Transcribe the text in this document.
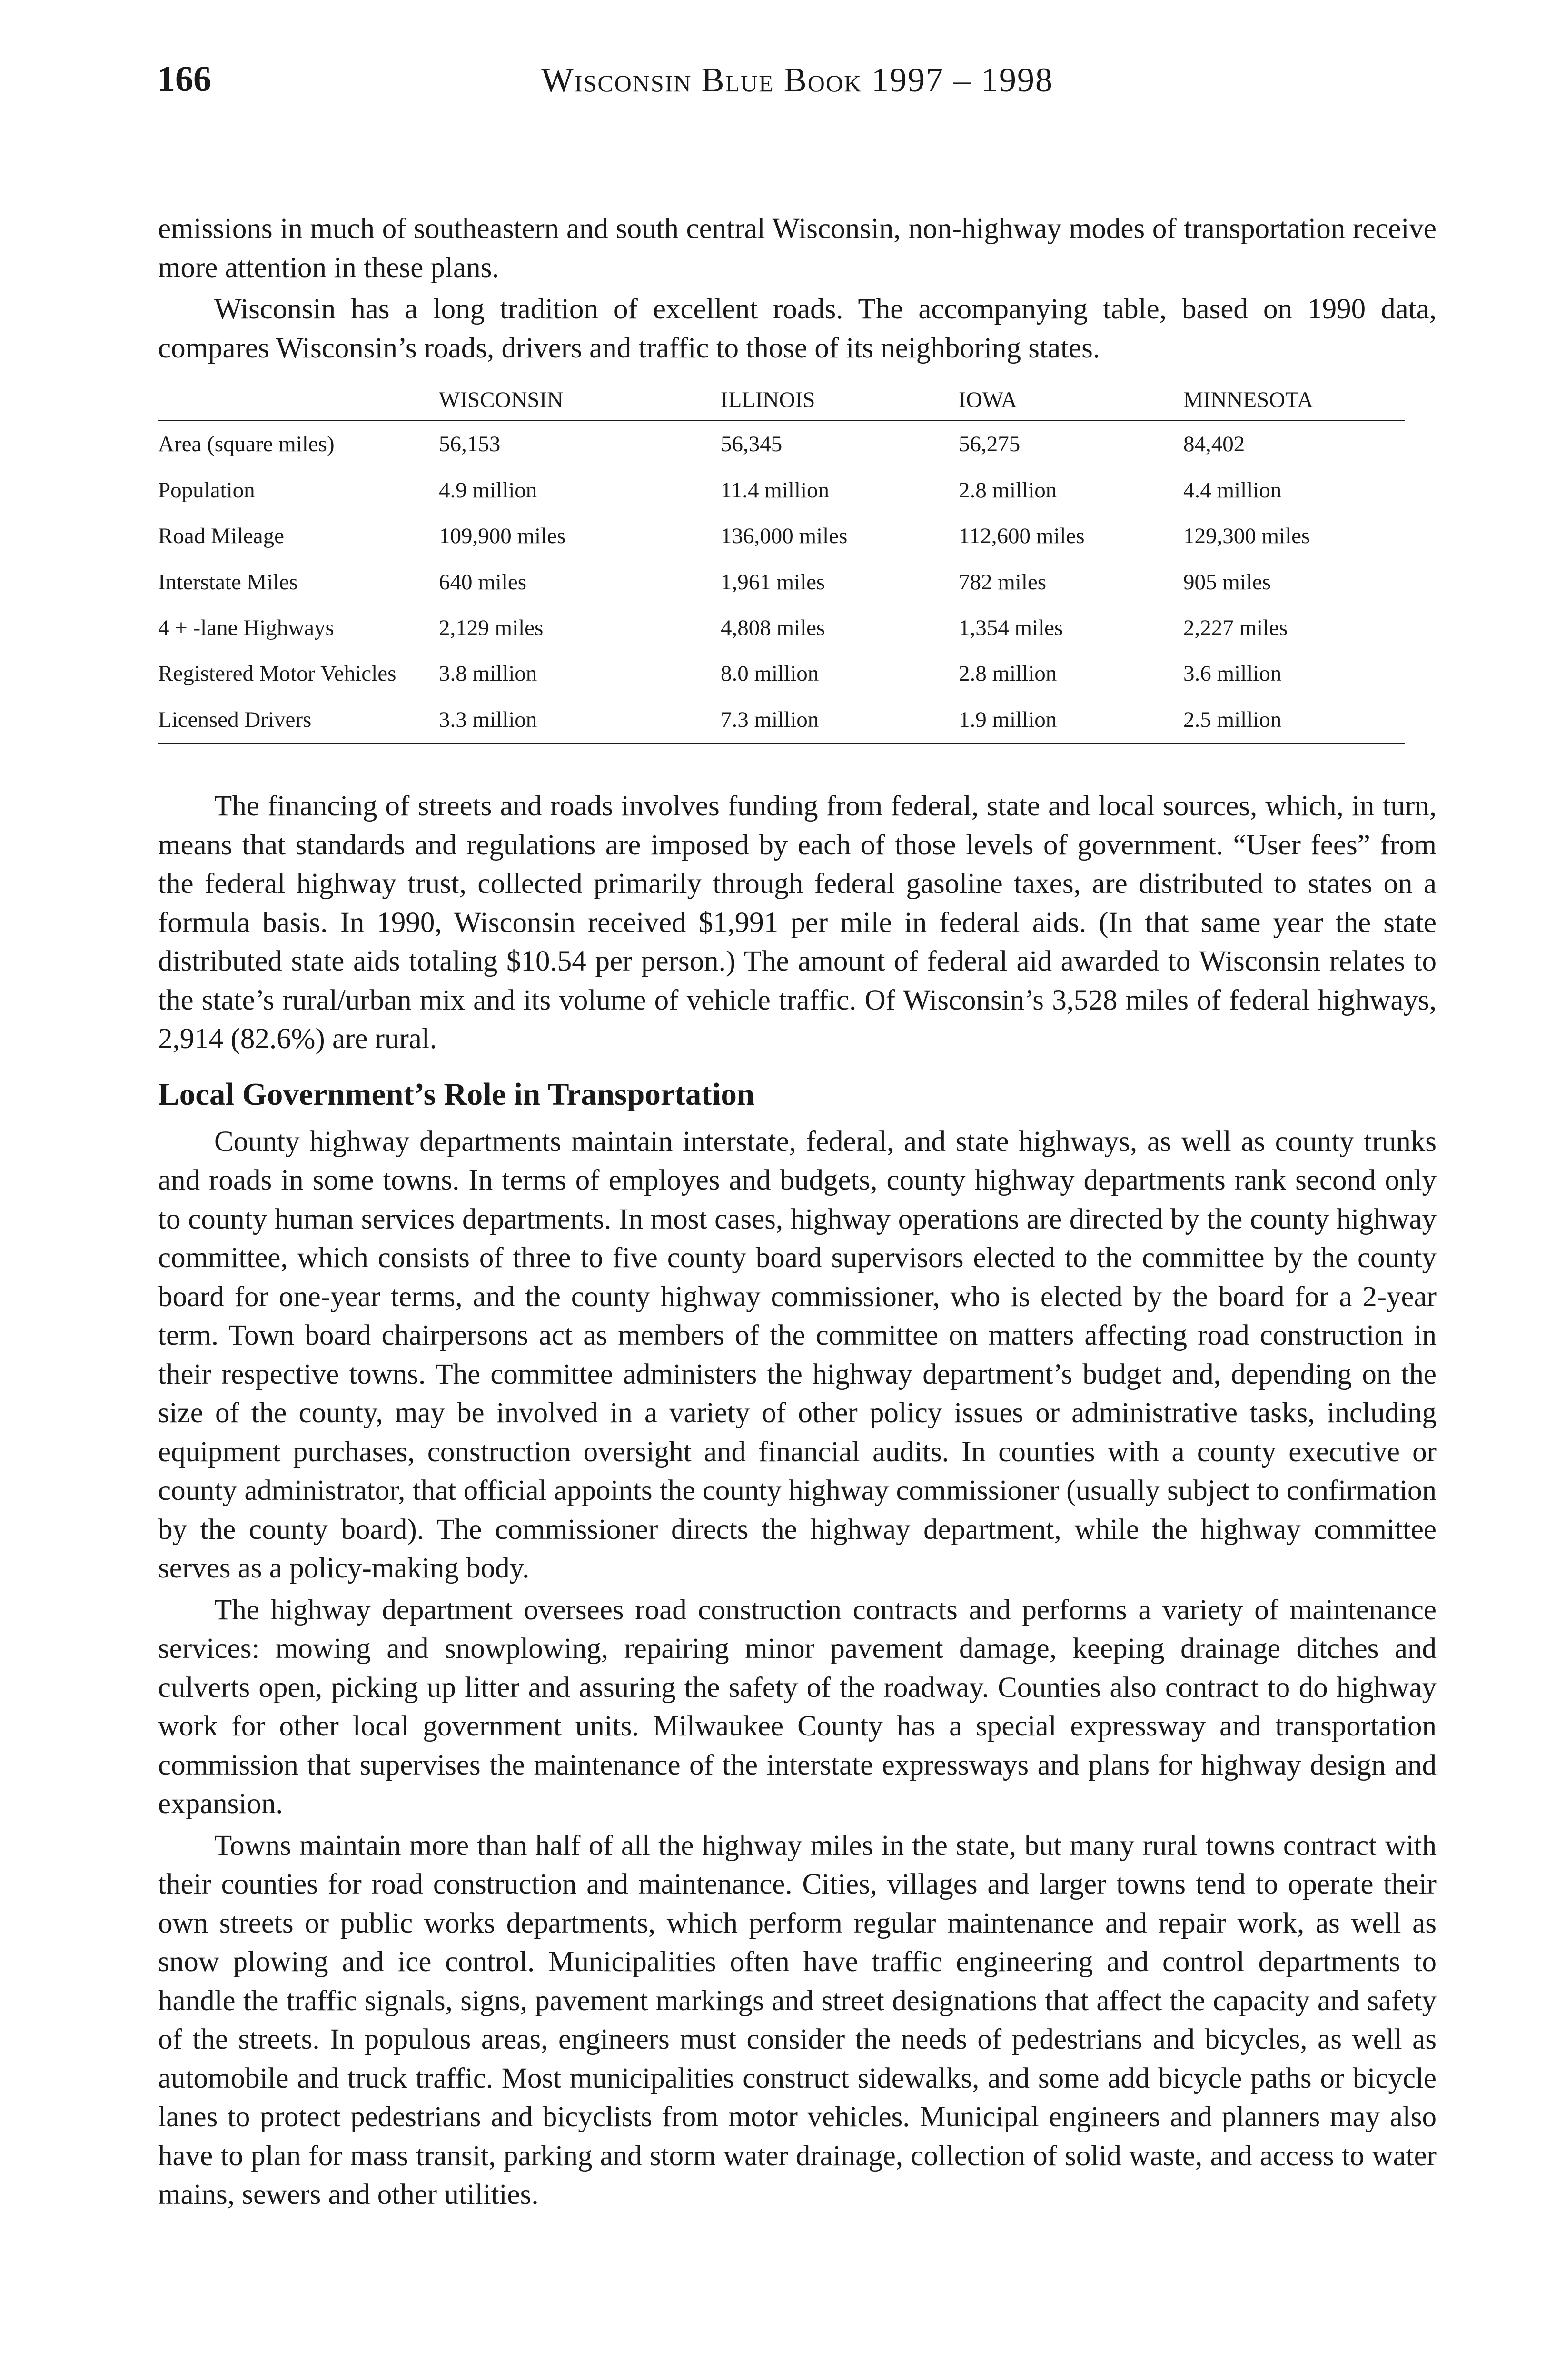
166	Wisconsin Blue Book 1997 – 1998

emissions in much of southeastern and south central Wisconsin, non-highway modes of transportation receive more attention in these plans.

Wisconsin has a long tradition of excellent roads. The accompanying table, based on 1990 data, compares Wisconsin’s roads, drivers and traffic to those of its neighboring states.

	WISCONSIN	ILLINOIS	IOWA	MINNESOTA
Area (square miles)	56,153	56,345	56,275	84,402
Population	4.9 million	11.4 million	2.8 million	4.4 million
Road Mileage	109,900 miles	136,000 miles	112,600 miles	129,300 miles
Interstate Miles	640 miles	1,961 miles	782 miles	905 miles
4 + -lane Highways	2,129 miles	4,808 miles	1,354 miles	2,227 miles
Registered Motor Vehicles	3.8 million	8.0 million	2.8 million	3.6 million
Licensed Drivers	3.3 million	7.3 million	1.9 million	2.5 million

The financing of streets and roads involves funding from federal, state and local sources, which, in turn, means that standards and regulations are imposed by each of those levels of government. “User fees” from the federal highway trust, collected primarily through federal gasoline taxes, are distributed to states on a formula basis. In 1990, Wisconsin received $1,991 per mile in federal aids. (In that same year the state distributed state aids totaling $10.54 per person.) The amount of federal aid awarded to Wisconsin relates to the state’s rural/urban mix and its volume of vehicle traffic. Of Wisconsin’s 3,528 miles of federal highways, 2,914 (82.6%) are rural.

Local Government’s Role in Transportation

County highway departments maintain interstate, federal, and state highways, as well as county trunks and roads in some towns. In terms of employes and budgets, county highway departments rank second only to county human services departments. In most cases, highway operations are directed by the county highway committee, which consists of three to five county board supervisors elected to the committee by the county board for one-year terms, and the county highway commissioner, who is elected by the board for a 2-year term. Town board chairpersons act as members of the committee on matters affecting road construction in their respective towns. The committee administers the highway department’s budget and, depending on the size of the county, may be involved in a variety of other policy issues or administrative tasks, including equipment purchases, construction oversight and financial audits. In counties with a county executive or county administrator, that official appoints the county highway commissioner (usually subject to confirmation by the county board). The commissioner directs the highway department, while the highway committee serves as a policy-making body.

The highway department oversees road construction contracts and performs a variety of maintenance services: mowing and snowplowing, repairing minor pavement damage, keeping drainage ditches and culverts open, picking up litter and assuring the safety of the roadway. Counties also contract to do highway work for other local government units. Milwaukee County has a special expressway and transportation commission that supervises the maintenance of the interstate expressways and plans for highway design and expansion.

Towns maintain more than half of all the highway miles in the state, but many rural towns contract with their counties for road construction and maintenance. Cities, villages and larger towns tend to operate their own streets or public works departments, which perform regular maintenance and repair work, as well as snow plowing and ice control. Municipalities often have traffic engineering and control departments to handle the traffic signals, signs, pavement markings and street designations that affect the capacity and safety of the streets. In populous areas, engineers must consider the needs of pedestrians and bicycles, as well as automobile and truck traffic. Most municipalities construct sidewalks, and some add bicycle paths or bicycle lanes to protect pedestrians and bicyclists from motor vehicles. Municipal engineers and planners may also have to plan for mass transit, parking and storm water drainage, collection of solid waste, and access to water mains, sewers and other utilities.
